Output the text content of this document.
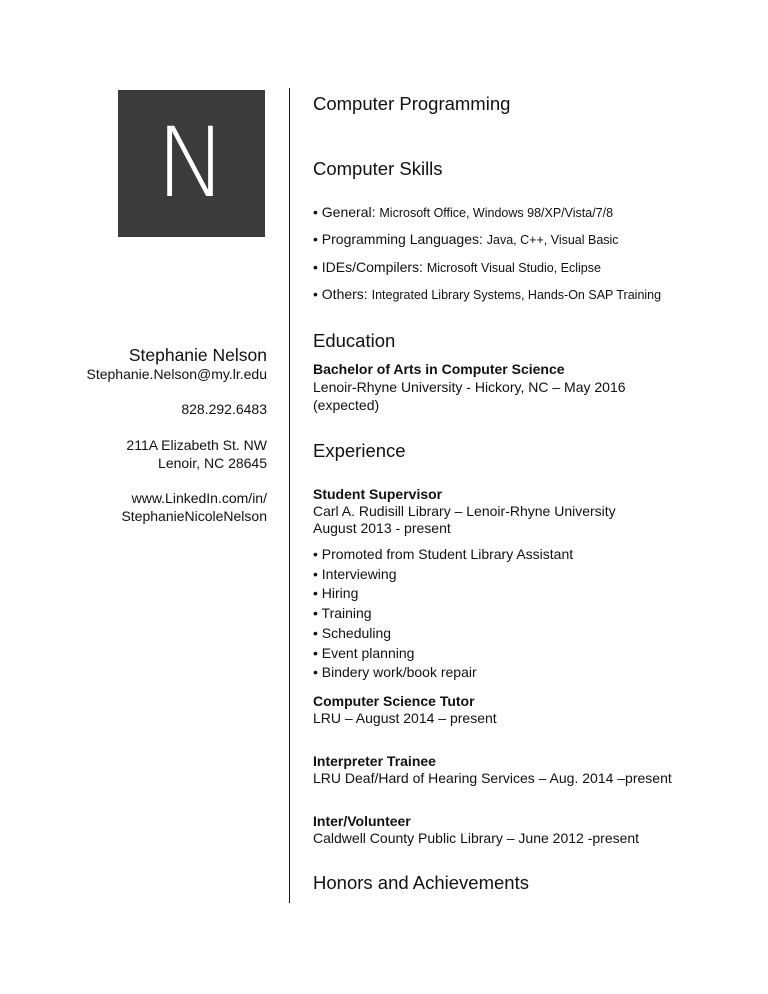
N
Stephanie Nelson
Stephanie.Nelson@my.lr.edu
828.292.6483
211A Elizabeth St. NW
Lenoir, NC 28645
www.LinkedIn.com/in/
StephanieNicoleNelson
Computer Programming
Computer Skills
• General: Microsoft Office, Windows 98/XP/Vista/7/8
• Programming Languages: Java, C++, Visual Basic
• IDEs/Compilers: Microsoft Visual Studio, Eclipse
• Others: Integrated Library Systems, Hands-On SAP Training
Education
Bachelor of Arts in Computer Science
Lenoir-Rhyne University - Hickory, NC – May 2016
(expected)
Experience
Student Supervisor
Carl A. Rudisill Library – Lenoir-Rhyne University
August 2013 - present
• Promoted from Student Library Assistant
• Interviewing
• Hiring
• Training
• Scheduling
• Event planning
• Bindery work/book repair
Computer Science Tutor
LRU – August 2014 – present
Interpreter Trainee
LRU Deaf/Hard of Hearing Services – Aug. 2014 –present
Inter/Volunteer
Caldwell County Public Library – June 2012 -present
Honors and Achievements
